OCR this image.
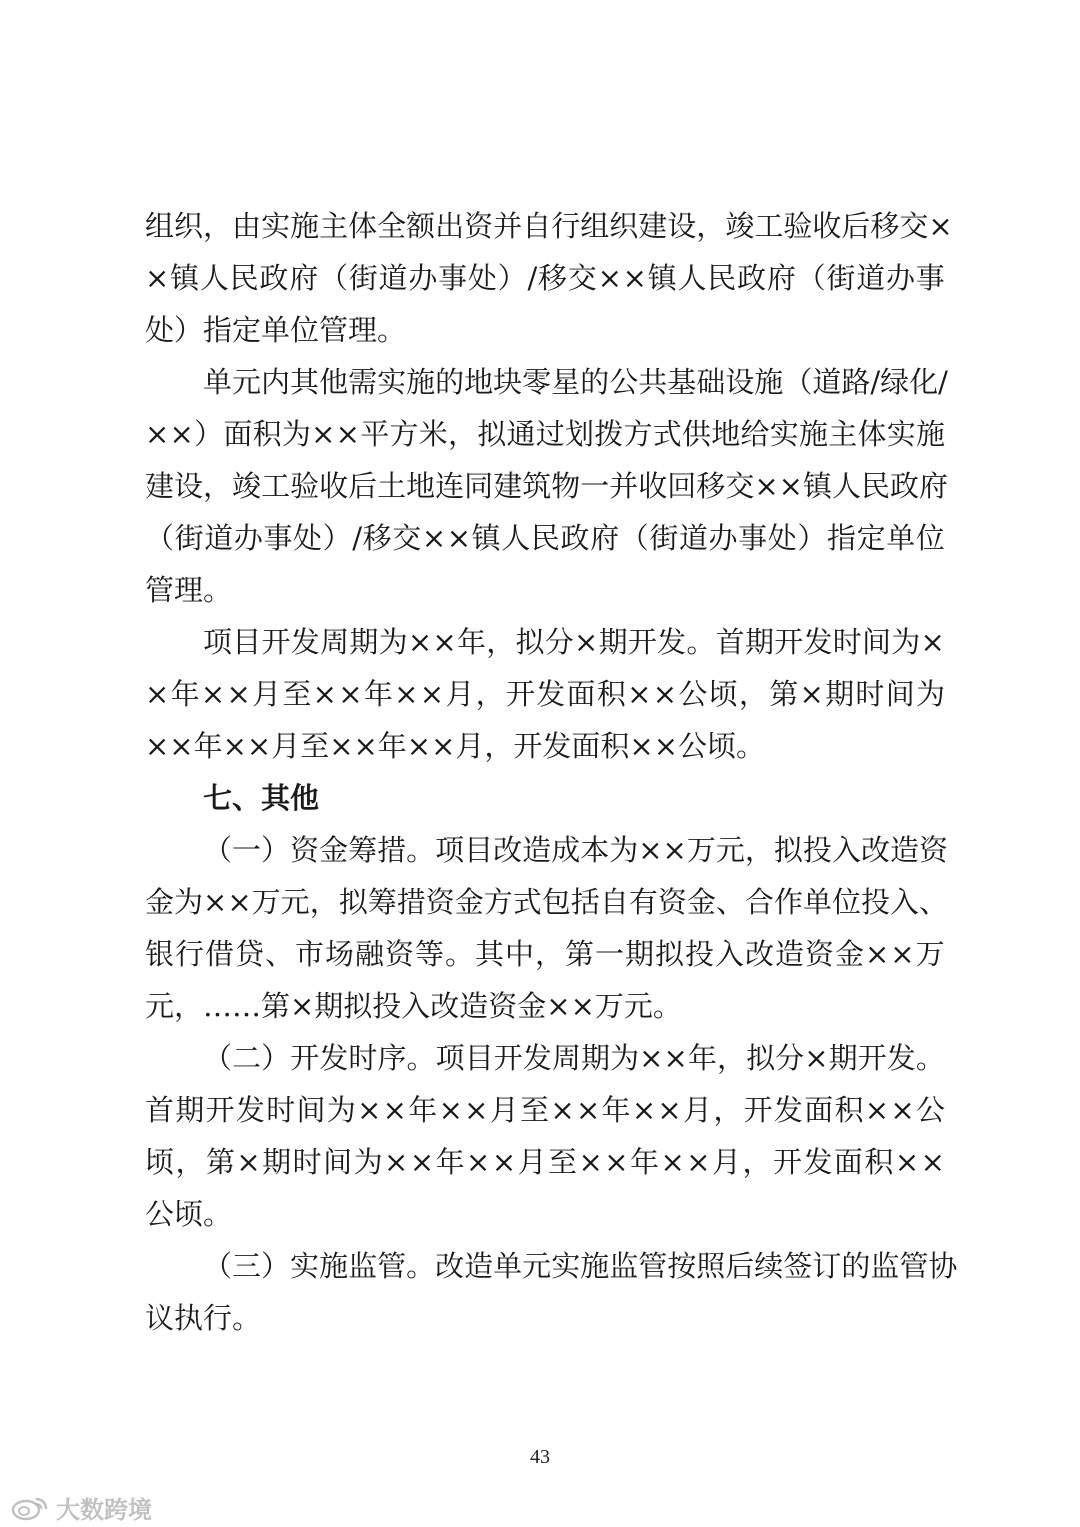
组 织 ， 由 实 施 主 体 全 额 出 资 并 自 行 组 织 建 设 ， 竣 工 验 收 后 移 交 ×
× 镇 人 民 政 府 （ 街 道 办 事 处 ） / 移 交 × × 镇 人 民 政 府 （ 街 道 办 事
处）指定单位管理。
单 元 内 其 他 需 实 施 的 地 块 零 星 的 公 共 基 础 设 施 （ 道 路 / 绿 化 /
× × ） 面 积 为 × × 平 方 米 ， 拟 通 过 划 拨 方 式 供 地 给 实 施 主 体 实 施
建 设 ， 竣 工 验 收 后 土 地 连 同 建 筑 物 一 并 收 回 移 交 × × 镇 人 民 政 府
（ 街 道 办 事 处 ） / 移 交 × × 镇 人 民 政 府 （ 街 道 办 事 处 ） 指 定 单 位
管理。
项 目 开 发 周 期 为 × × 年 ， 拟 分 × 期 开 发 。 首 期 开 发 时 间 为 ×
× 年 × × 月 至 × × 年 × × 月 ， 开 发 面 积 × × 公 顷 ， 第 × 期 时 间 为
××年××月至××年××月，开发面积××公顷。
七、其他
（ 一 ） 资 金 筹 措 。 项 目 改 造 成 本 为 × × 万 元 ， 拟 投 入 改 造 资
金 为 × × 万 元 ， 拟 筹 措 资 金 方 式 包 括 自 有 资 金 、 合 作 单 位 投 入 、
银 行 借 贷 、 市 场 融 资 等 。 其 中 ， 第 一 期 拟 投 入 改 造 资 金 × × 万
元，……第×期拟投入改造资金××万元。
（ 二 ） 开 发 时 序 。 项 目 开 发 周 期 为 × × 年 ， 拟 分 × 期 开 发 。
首 期 开 发 时 间 为 × × 年 × × 月 至 × × 年 × × 月 ， 开 发 面 积 × × 公
顷 ， 第 × 期 时 间 为 × × 年 × × 月 至 × × 年 × × 月 ， 开 发 面 积 × ×
公顷。
（ 三 ） 实 施 监 管 。 改 造 单 元 实 施 监 管 按 照 后 续 签 订 的 监 管 协
议执行。
43
大数跨境
